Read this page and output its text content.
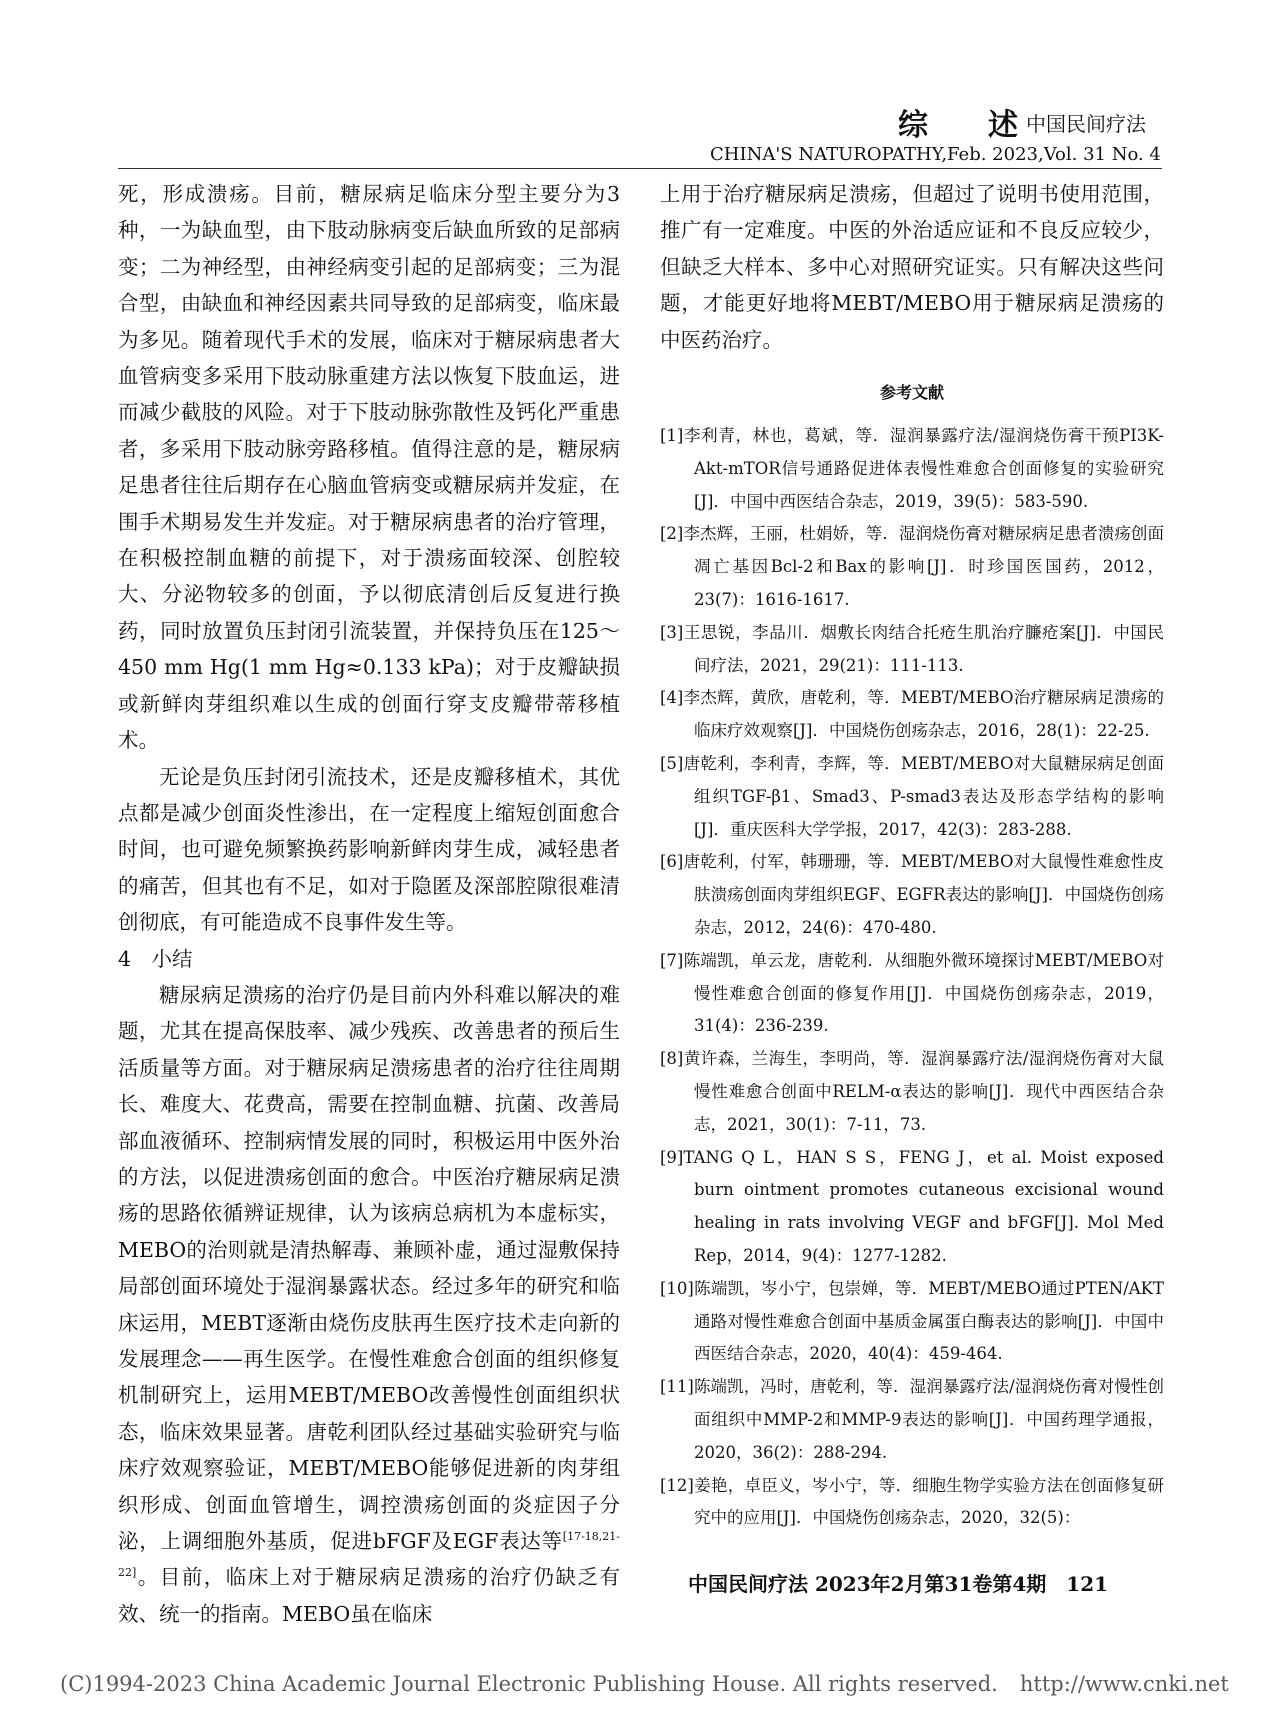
综 述 中国民间疗法
CHINA'S NATUROPATHY,Feb. 2023,Vol. 31 No. 4

死，形成溃疡。目前，糖尿病足临床分型主要分为3种，一为缺血型，由下肢动脉病变后缺血所致的足部病变；二为神经型，由神经病变引起的足部病变；三为混合型，由缺血和神经因素共同导致的足部病变，临床最为多见。随着现代手术的发展，临床对于糖尿病患者大血管病变多采用下肢动脉重建方法以恢复下肢血运，进而减少截肢的风险。对于下肢动脉弥散性及钙化严重患者，多采用下肢动脉旁路移植。值得注意的是，糖尿病足患者往往后期存在心脑血管病变或糖尿病并发症，在围手术期易发生并发症。对于糖尿病患者的治疗管理，在积极控制血糖的前提下，对于溃疡面较深、创腔较大、分泌物较多的创面，予以彻底清创后反复进行换药，同时放置负压封闭引流装置，并保持负压在125～450 mm Hg(1 mm Hg≈0.133 kPa)；对于皮瓣缺损或新鲜肉芽组织难以生成的创面行穿支皮瓣带蒂移植术。

无论是负压封闭引流技术，还是皮瓣移植术，其优点都是减少创面炎性渗出，在一定程度上缩短创面愈合时间，也可避免频繁换药影响新鲜肉芽生成，减轻患者的痛苦，但其也有不足，如对于隐匿及深部腔隙很难清创彻底，有可能造成不良事件发生等。

4　小结

糖尿病足溃疡的治疗仍是目前内外科难以解决的难题，尤其在提高保肢率、减少残疾、改善患者的预后生活质量等方面。对于糖尿病足溃疡患者的治疗往往周期长、难度大、花费高，需要在控制血糖、抗菌、改善局部血液循环、控制病情发展的同时，积极运用中医外治的方法，以促进溃疡创面的愈合。中医治疗糖尿病足溃疡的思路依循辨证规律，认为该病总病机为本虚标实，MEBO的治则就是清热解毒、兼顾补虚，通过湿敷保持局部创面环境处于湿润暴露状态。经过多年的研究和临床运用，MEBT逐渐由烧伤皮肤再生医疗技术走向新的发展理念——再生医学。在慢性难愈合创面的组织修复机制研究上，运用MEBT/MEBO改善慢性创面组织状态，临床效果显著。唐乾利团队经过基础实验研究与临床疗效观察验证，MEBT/MEBO能够促进新的肉芽组织形成、创面血管增生，调控溃疡创面的炎症因子分泌，上调细胞外基质，促进bFGF及EGF表达等[17-18,21-22]。目前，临床上对于糖尿病足溃疡的治疗仍缺乏有效、统一的指南。MEBO虽在临床

上用于治疗糖尿病足溃疡，但超过了说明书使用范围，推广有一定难度。中医的外治适应证和不良反应较少，但缺乏大样本、多中心对照研究证实。只有解决这些问题，才能更好地将MEBT/MEBO用于糖尿病足溃疡的中医药治疗。

参考文献

[1]李利青，林也，葛斌，等．湿润暴露疗法/湿润烧伤膏干预PI3K-Akt-mTOR信号通路促进体表慢性难愈合创面修复的实验研究[J]．中国中西医结合杂志，2019，39(5)：583-590.

[2]李杰辉，王丽，杜娟娇，等．湿润烧伤膏对糖尿病足患者溃疡创面凋亡基因Bcl-2和Bax的影响[J]．时珍国医国药，2012，23(7)：1616-1617.

[3]王思锐，李品川．烟敷长肉结合托疮生肌治疗臁疮案[J]．中国民间疗法，2021，29(21)：111-113.

[4]李杰辉，黄欣，唐乾利，等．MEBT/MEBO治疗糖尿病足溃疡的临床疗效观察[J]．中国烧伤创疡杂志，2016，28(1)：22-25.

[5]唐乾利，李利青，李辉，等．MEBT/MEBO对大鼠糖尿病足创面组织TGF-β1、Smad3、P-smad3表达及形态学结构的影响[J]．重庆医科大学学报，2017，42(3)：283-288.

[6]唐乾利，付军，韩珊珊，等．MEBT/MEBO对大鼠慢性难愈性皮肤溃疡创面肉芽组织EGF、EGFR表达的影响[J]．中国烧伤创疡杂志，2012，24(6)：470-480.

[7]陈端凯，单云龙，唐乾利．从细胞外微环境探讨MEBT/MEBO对慢性难愈合创面的修复作用[J]．中国烧伤创疡杂志，2019，31(4)：236-239.

[8]黄许森，兰海生，李明尚，等．湿润暴露疗法/湿润烧伤膏对大鼠慢性难愈合创面中RELM-α表达的影响[J]．现代中西医结合杂志，2021，30(1)：7-11，73.

[9]TANG Q L，HAN S S，FENG J，et al. Moist exposed burn ointment promotes cutaneous excisional wound healing in rats involving VEGF and bFGF[J]. Mol Med Rep，2014，9(4)：1277-1282.

[10]陈端凯，岑小宁，包崇婵，等．MEBT/MEBO通过PTEN/AKT通路对慢性难愈合创面中基质金属蛋白酶表达的影响[J]．中国中西医结合杂志，2020，40(4)：459-464.

[11]陈端凯，冯时，唐乾利，等．湿润暴露疗法/湿润烧伤膏对慢性创面组织中MMP-2和MMP-9表达的影响[J]．中国药理学通报，2020，36(2)：288-294.

[12]姜艳，卓臣义，岑小宁，等．细胞生物学实验方法在创面修复研究中的应用[J]．中国烧伤创疡杂志，2020，32(5)：

中国民间疗法 2023年2月第31卷第4期　121
(C)1994-2023 China Academic Journal Electronic Publishing House. All rights reserved. http://www.cnki.net
